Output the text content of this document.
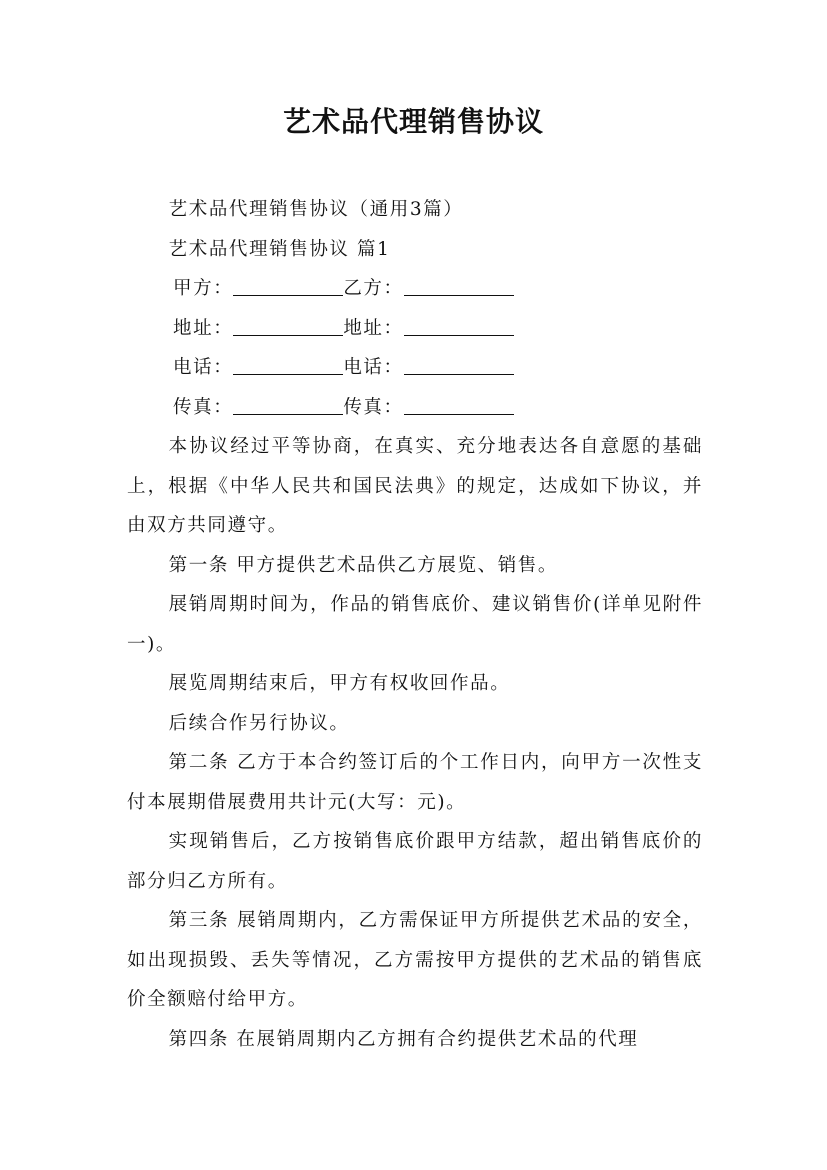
艺术品代理销售协议

艺术品代理销售协议（通用3篇）

艺术品代理销售协议 篇1

甲方：	乙方：
地址：	地址：
电话：	电话：
传真：	传真：

本协议经过平等协商，在真实、充分地表达各自意愿的基础上，根据《中华人民共和国民法典》的规定，达成如下协议，并由双方共同遵守。

第一条 甲方提供艺术品供乙方展览、销售。

展销周期时间为，作品的销售底价、建议销售价(详单见附件一)。

展览周期结束后，甲方有权收回作品。

后续合作另行协议。

第二条 乙方于本合约签订后的个工作日内，向甲方一次性支付本展期借展费用共计元(大写：元)。

实现销售后，乙方按销售底价跟甲方结款，超出销售底价的部分归乙方所有。

第三条 展销周期内，乙方需保证甲方所提供艺术品的安全，如出现损毁、丢失等情况，乙方需按甲方提供的艺术品的销售底价全额赔付给甲方。

第四条 在展销周期内乙方拥有合约提供艺术品的代理
